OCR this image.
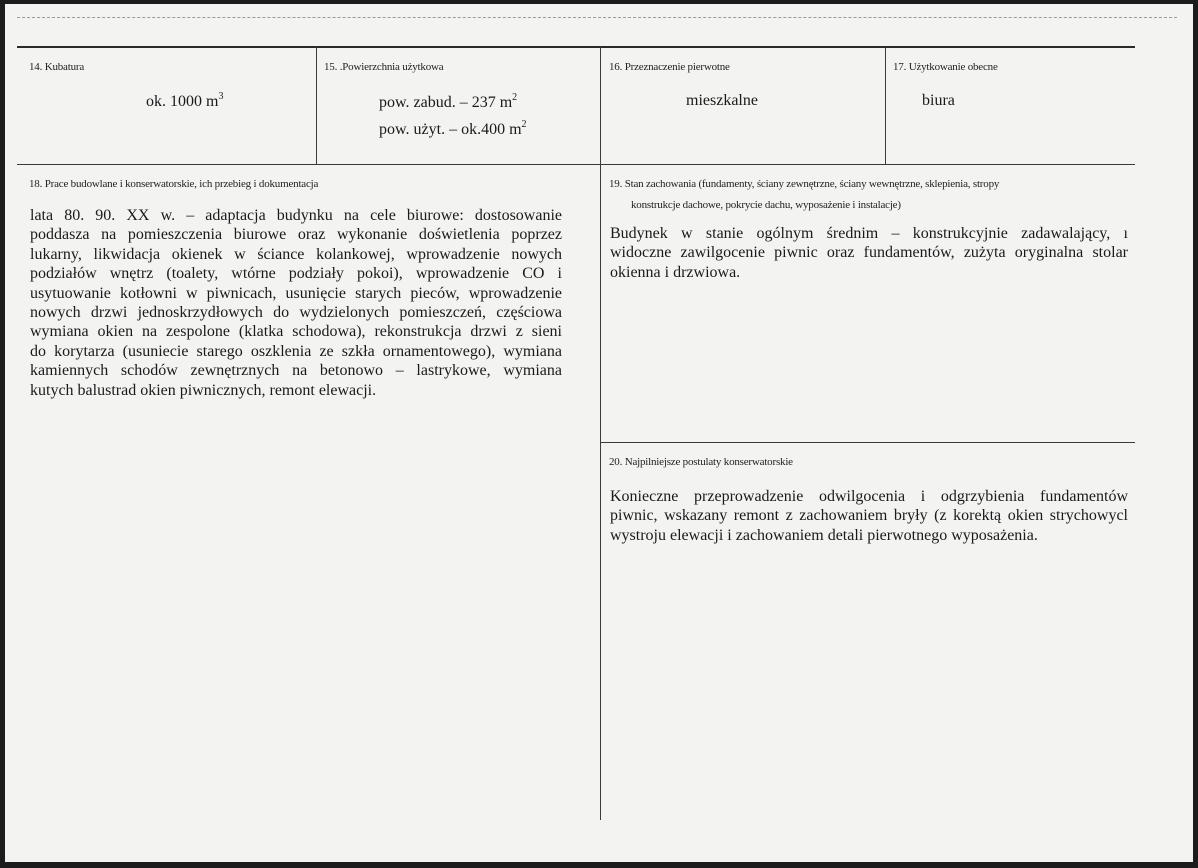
14. Kubatura
ok. 1000 $m^3$
15. .Powierzchnia użytkowa
pow. zabud. – 237 $m^2$
pow. użyt. – ok.400 $m^2$
16. Przeznaczenie pierwotne
mieszkalne
17. Użytkowanie obecne
biura
18. Prace budowlane i konserwatorskie, ich przebieg i dokumentacja
lata 80. 90. XX w. – adaptacja budynku na cele biurowe: dostosowanie
poddasza na pomieszczenia biurowe oraz wykonanie doświetlenia poprzez
lukarny, likwidacja okienek w ściance kolankowej, wprowadzenie nowych
podziałów wnętrz (toalety, wtórne podziały pokoi), wprowadzenie CO i
usytuowanie kotłowni w piwnicach, usunięcie starych pieców, wprowadzenie
nowych drzwi jednoskrzydłowych do wydzielonych pomieszczeń, częściowa
wymiana okien na zespolone (klatka schodowa), rekonstrukcja drzwi z sieni
do korytarza (usuniecie starego oszklenia ze szkła ornamentowego), wymiana
kamiennych schodów zewnętrznych na betonowo – lastrykowe, wymiana
kutych balustrad okien piwnicznych, remont elewacji.
19. Stan zachowania (fundamenty, ściany zewnętrzne, ściany wewnętrzne, sklepienia, stropy
konstrukcje dachowe, pokrycie dachu, wyposażenie i instalacje)
Budynek w stanie ogólnym średnim – konstrukcyjnie zadawalający, ı
widoczne zawilgocenie piwnic oraz fundamentów, zużyta oryginalna stolar
okienna i drzwiowa.
20. Najpilniejsze postulaty konserwatorskie
Konieczne przeprowadzenie odwilgocenia i odgrzybienia fundamentów
piwnic, wskazany remont z zachowaniem bryły (z korektą okien strychowycl
wystroju elewacji i zachowaniem detali pierwotnego wyposażenia.
